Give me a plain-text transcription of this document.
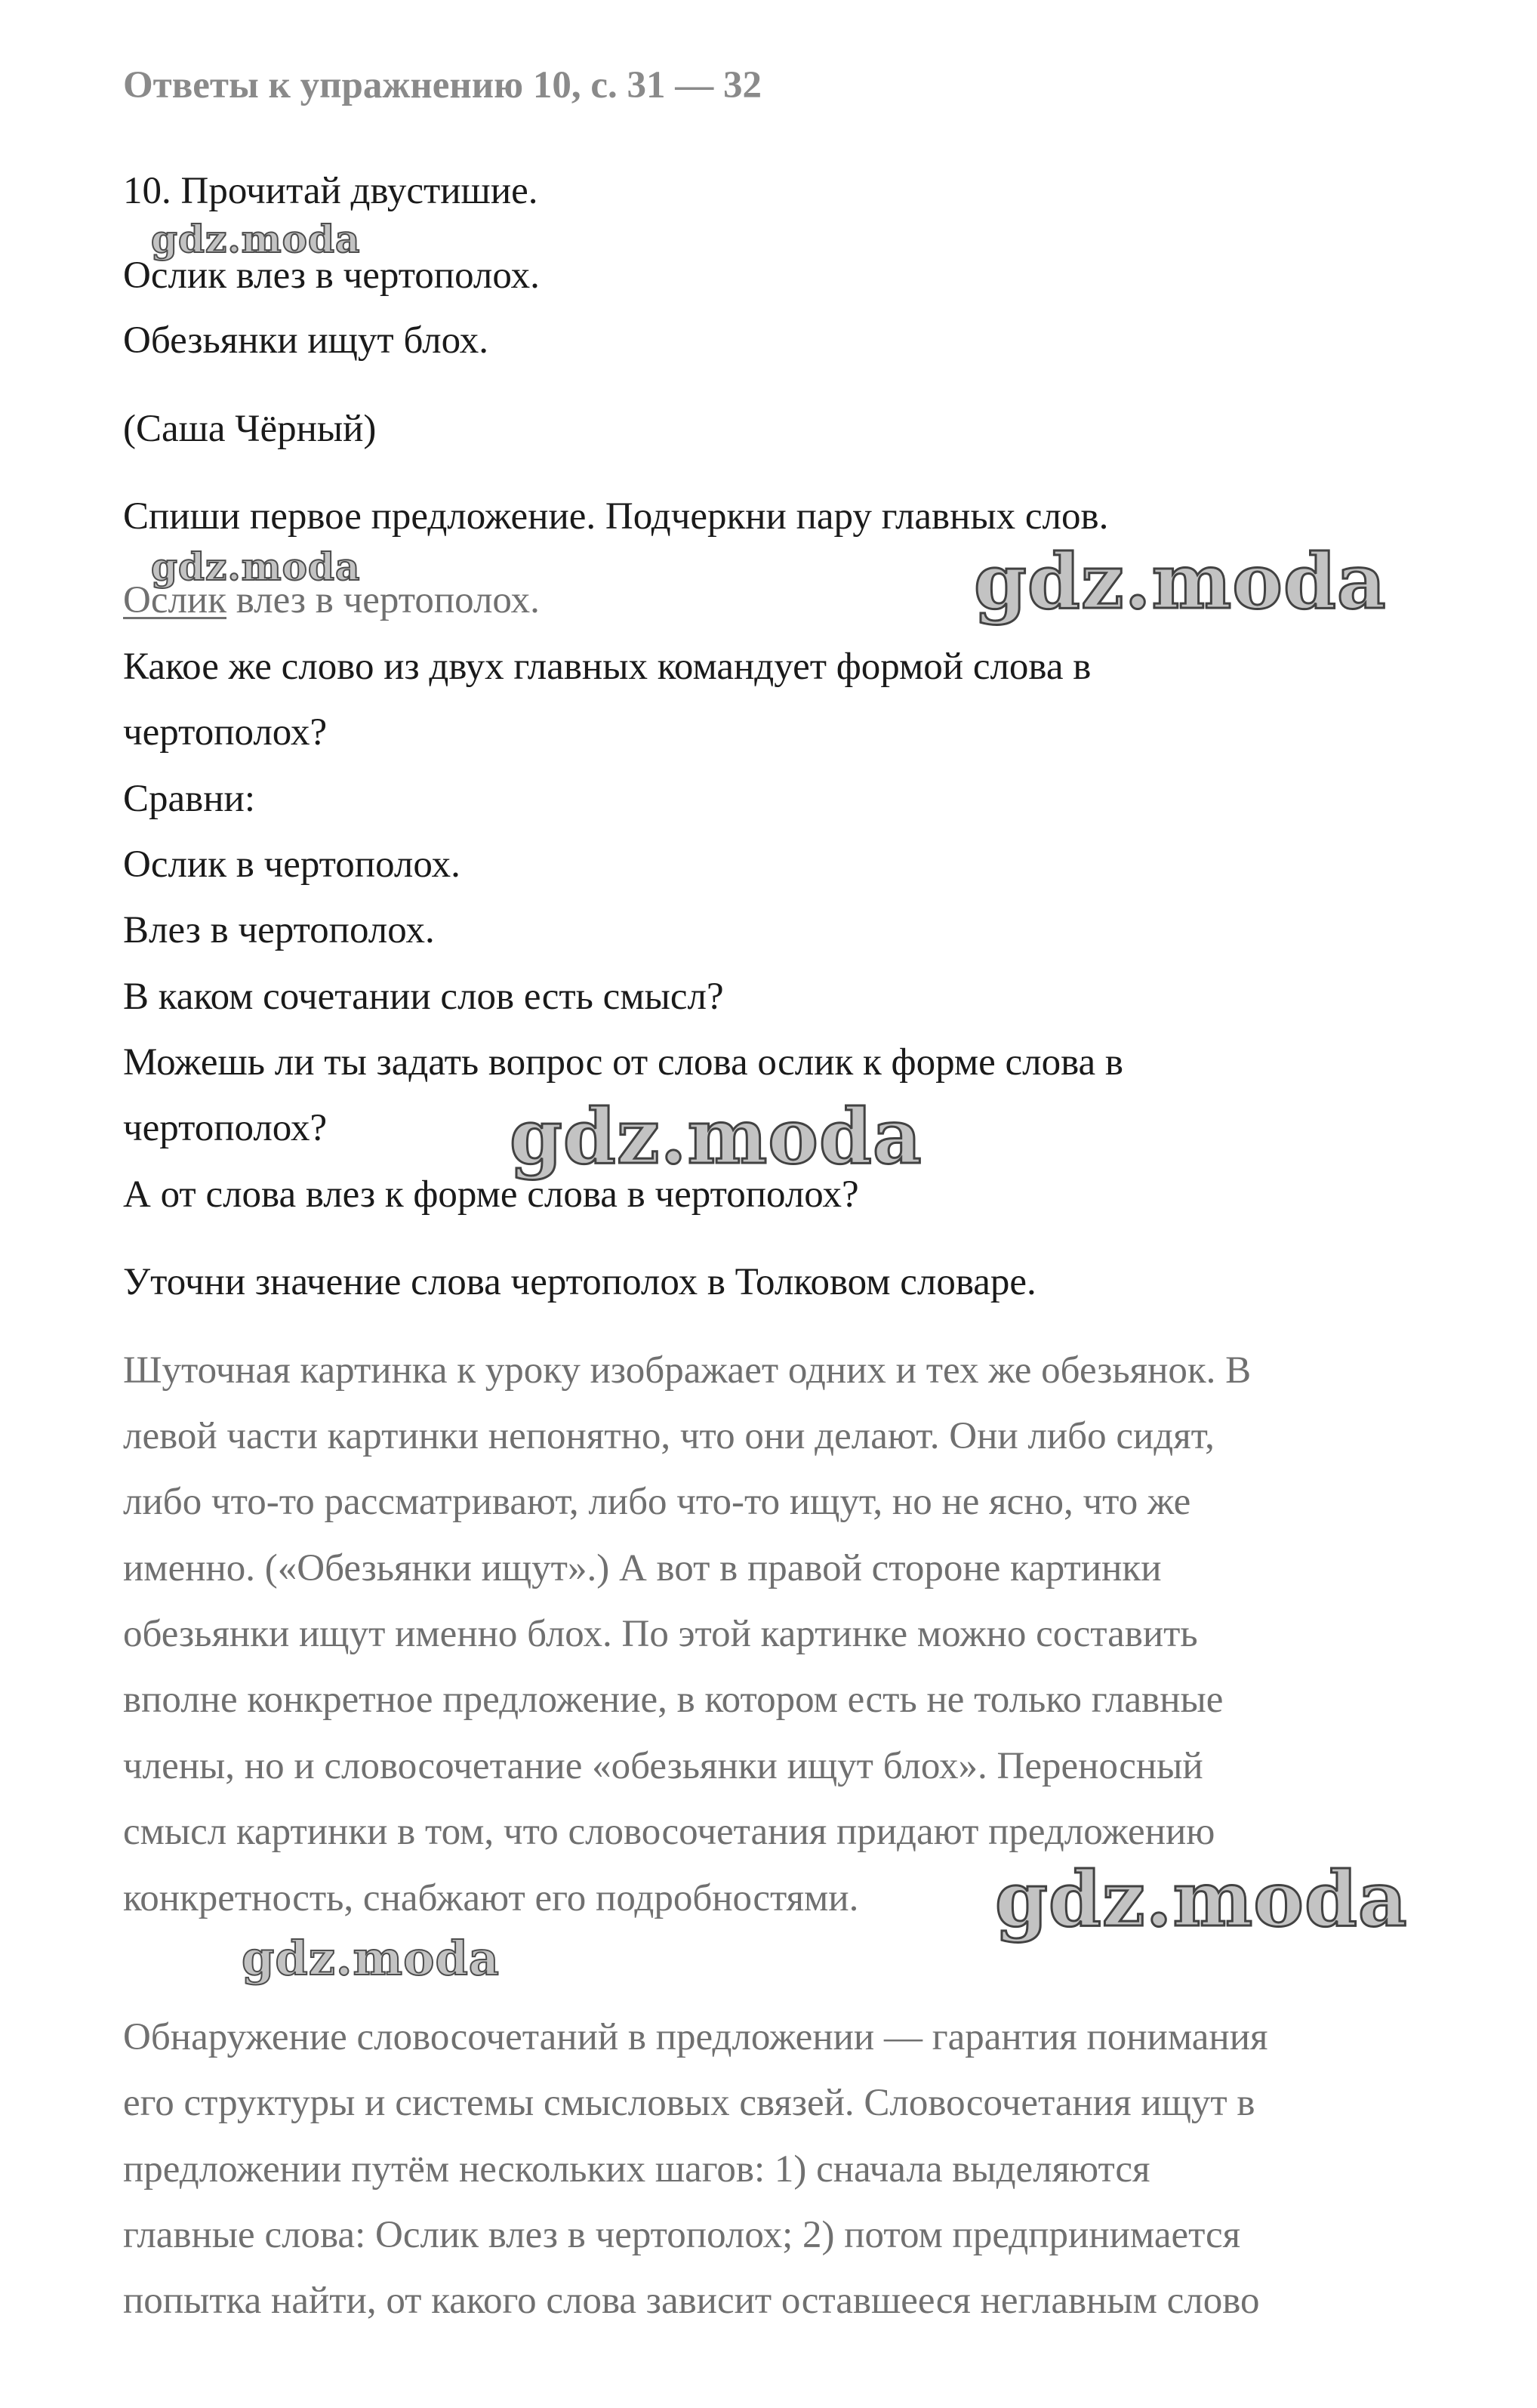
Ответы к упражнению 10, с. 31 — 32
10. Прочитай двустишие.
Ослик влез в чертополох.
Обезьянки ищут блох.
(Саша Чёрный)
Спиши первое предложение. Подчеркни пару главных слов.
Ослик влез в чертополох.
Какое же слово из двух главных командует формой слова в
чертополох?
Сравни:
Ослик в чертополох.
Влез в чертополох.
В каком сочетании слов есть смысл?
Можешь ли ты задать вопрос от слова ослик к форме слова в
чертополох?
А от слова влез к форме слова в чертополох?
Уточни значение слова чертополох в Толковом словаре.
Шуточная картинка к уроку изображает одних и тех же обезьянок. В
левой части картинки непонятно, что они делают. Они либо сидят,
либо что-то рассматривают, либо что-то ищут, но не ясно, что же
именно. («Обезьянки ищут».) А вот в правой стороне картинки
обезьянки ищут именно блох. По этой картинке можно составить
вполне конкретное предложение, в котором есть не только главные
члены, но и словосочетание «обезьянки ищут блох». Переносный
смысл картинки в том, что словосочетания придают предложению
конкретность, снабжают его подробностями.
Обнаружение словосочетаний в предложении — гарантия понимания
его структуры и системы смысловых связей. Словосочетания ищут в
предложении путём нескольких шагов: 1) сначала выделяются
главные слова: Ослик влез в чертополох; 2) потом предпринимается
попытка найти, от какого слова зависит оставшееся неглавным слово
gdz.moda
gdz.moda	gdz.moda
gdz.moda
gdz.moda
gdz.moda
